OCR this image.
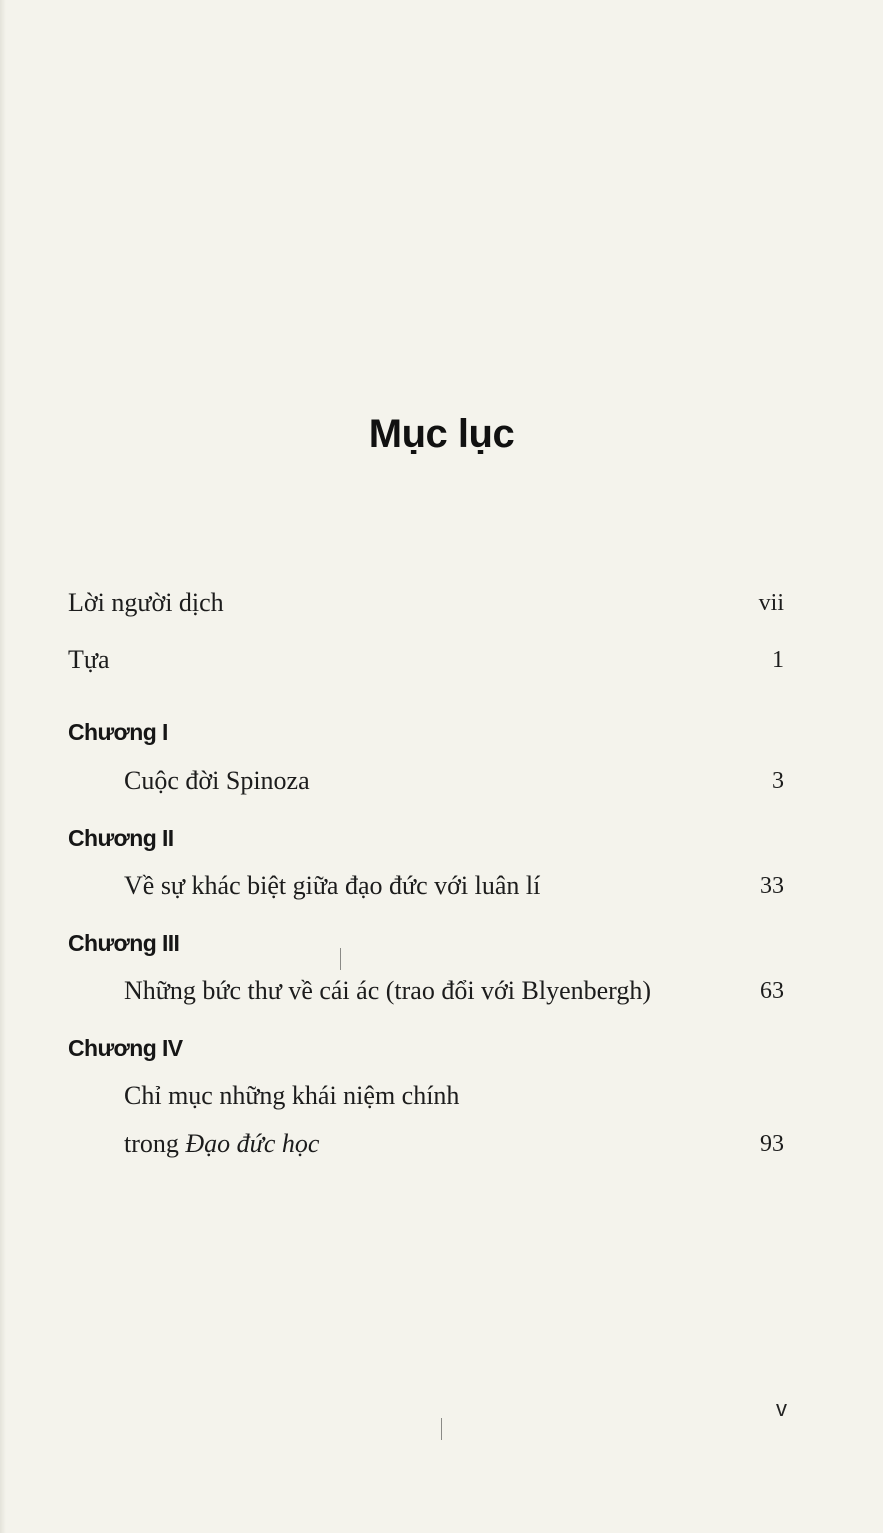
Mục lục
Lời người dịch	vii
Tựa	1
Chương I
Cuộc đời Spinoza	3
Chương II
Về sự khác biệt giữa đạo đức với luân lí	33
Chương III
Những bức thư về cái ác (trao đổi với Blyenbergh)	63
Chương IV
Chỉ mục những khái niệm chính
trong Đạo đức học	93
v
